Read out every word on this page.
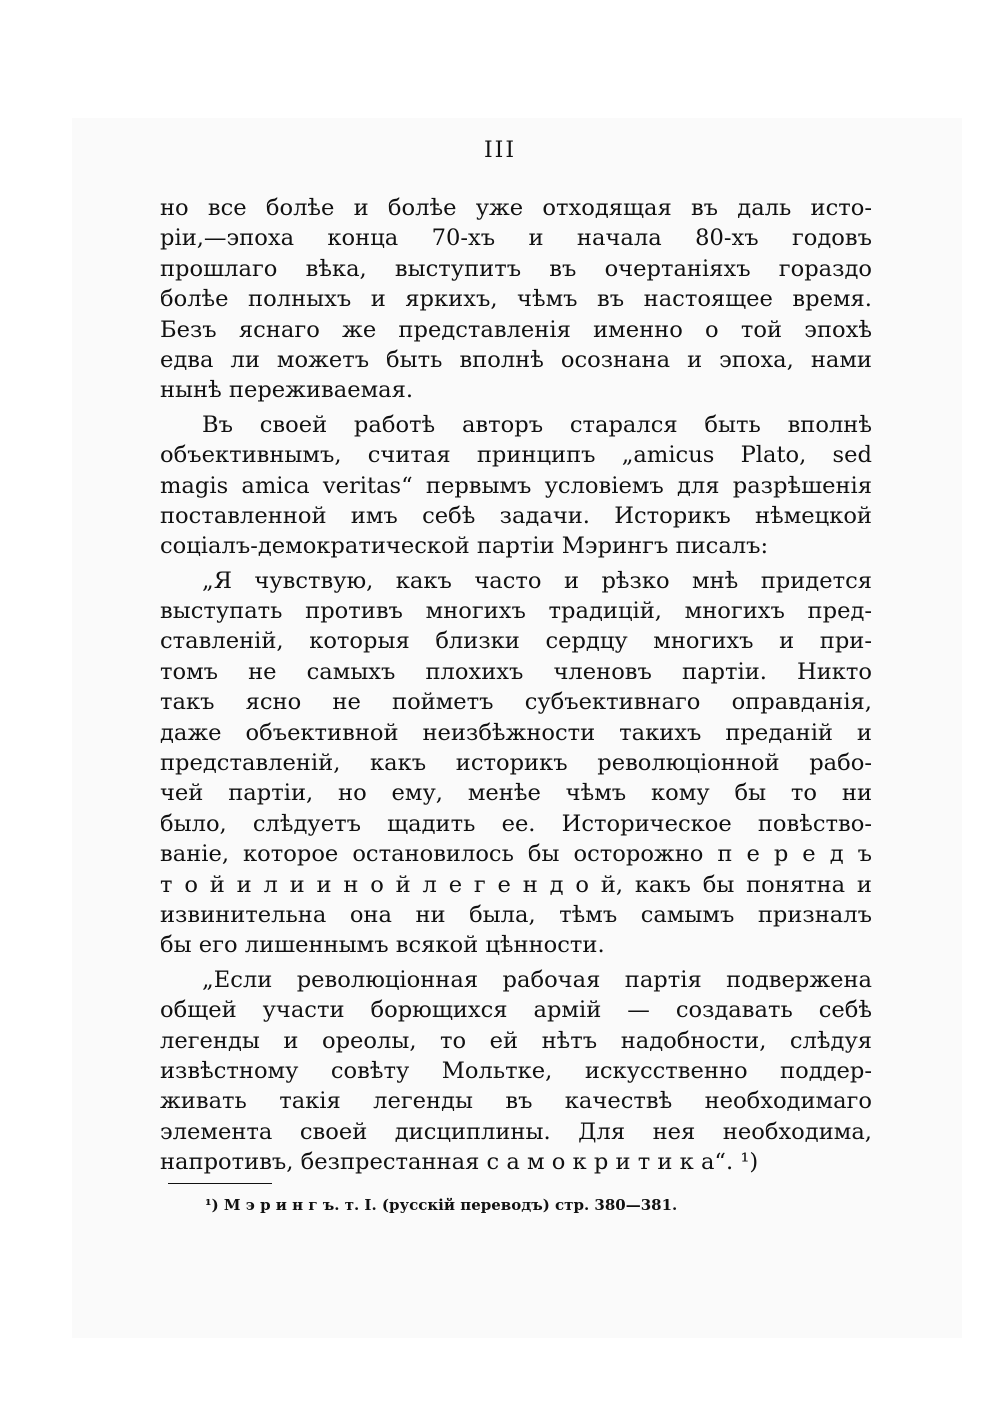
III
но все болѣе и болѣе уже отходящая въ даль исто-
ріи,—эпоха конца 70-хъ и начала 80-хъ годовъ
прошлаго вѣка, выступитъ въ очертаніяхъ гораздо
болѣе полныхъ и яркихъ, чѣмъ въ настоящее время.
Безъ яснаго же представленія именно о той эпохѣ
едва ли можетъ быть вполнѣ осознана и эпоха, нами
нынѣ переживаемая.
Въ своей работѣ авторъ старался быть вполнѣ
объективнымъ, считая принципъ „amicus Plato, sed
magis amica veritas“ первымъ условіемъ для разрѣшенія
поставленной имъ себѣ задачи. Историкъ нѣмецкой
соціалъ-демократической партіи Мэрингъ писалъ:
„Я чувствую, какъ часто и рѣзко мнѣ придется
выступать противъ многихъ традицій, многихъ пред-
ставленій, которыя близки сердцу многихъ и при-
томъ не самыхъ плохихъ членовъ партіи. Никто
такъ ясно не пойметъ субъективнаго оправданія,
даже объективной неизбѣжности такихъ преданій и
представленій, какъ историкъ революціонной рабо-
чей партіи, но ему, менѣе чѣмъ кому бы то ни
было, слѣдуетъ щадить ее. Историческое повѣство-
ваніе, которое остановилось бы осторожно п е р е д ъ
т о й и л и и н о й л е г е н д о й, какъ бы понятна и
извинительна она ни была, тѣмъ самымъ призналъ
бы его лишеннымъ всякой цѣнности.
„Если революціонная рабочая партія подвержена
общей участи борющихся армій — создавать себѣ
легенды и ореолы, то ей нѣтъ надобности, слѣдуя
извѣстному совѣту Мольтке, искусственно поддер-
живать такія легенды въ качествѣ необходимаго
элемента своей дисциплины. Для нея необходима,
напротивъ, безпрестанная с а м о к р и т и к а“. ¹)
¹) М э р и н г ъ. т. I. (русскій переводъ) стр. 380—381.
